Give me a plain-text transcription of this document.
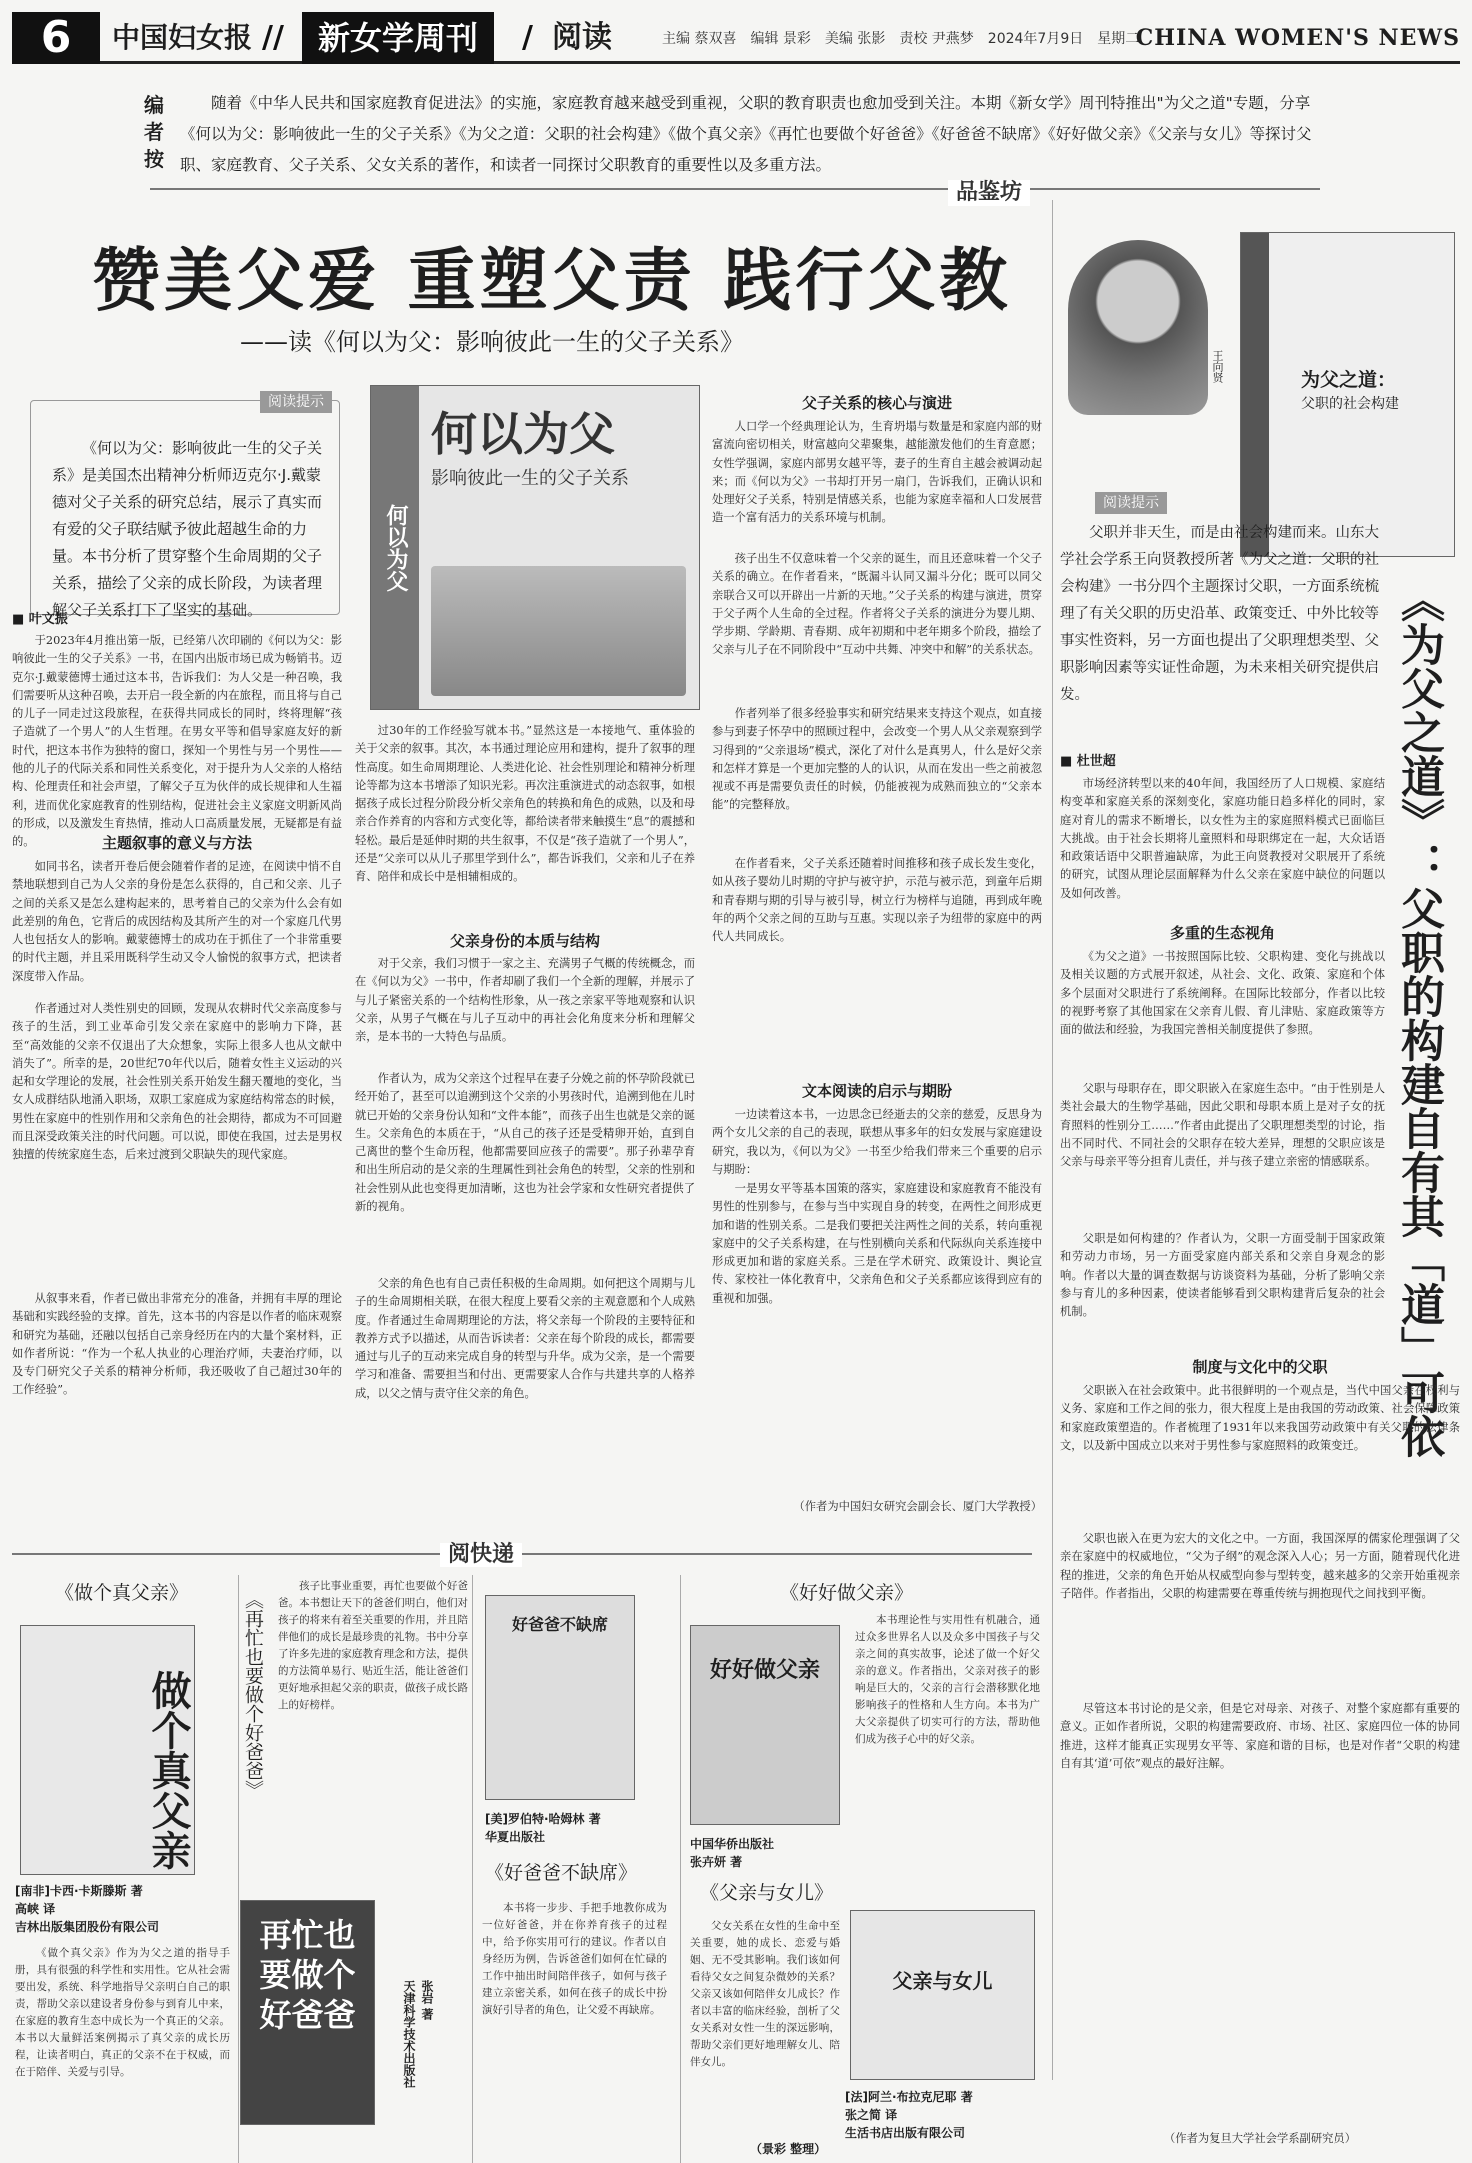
6	中国妇女报 //	新女学周刊	/ 阅读	主编 蔡双喜　编辑 景彩　美编 张影　责校 尹燕梦　2024年7月9日　星期二
CHINA WOMEN'S NEWS
编者按
随着《中华人民共和国家庭教育促进法》的实施，家庭教育越来越受到重视，父职的教育职责也愈加受到关注。本期《新女学》周刊特推出"为父之道"专题，分享《何以为父：影响彼此一生的父子关系》《为父之道：父职的社会构建》《做个真父亲》《再忙也要做个好爸爸》《好爸爸不缺席》《好好做父亲》《父亲与女儿》等探讨父职、家庭教育、父子关系、父女关系的著作，和读者一同探讨父职教育的重要性以及多重方法。
品鉴坊
赞美父爱 重塑父责 践行父教
——读《何以为父：影响彼此一生的父子关系》
阅读提示
《何以为父：影响彼此一生的父子关系》是美国杰出精神分析师迈克尔·J.戴蒙德对父子关系的研究总结，展示了真实而有爱的父子联结赋予彼此超越生命的力量。本书分析了贯穿整个生命周期的父子关系，描绘了父亲的成长阶段，为读者理解父子关系打下了坚实的基础。
何以为父
何以为父
影响彼此一生的父子关系
■ 叶文振
于2023年4月推出第一版，已经第八次印刷的《何以为父：影响彼此一生的父子关系》一书，在国内出版市场已成为畅销书。迈克尔·J.戴蒙德博士通过这本书，告诉我们：为人父是一种召唤，我们需要听从这种召唤，去开启一段全新的内在旅程，而且将与自己的儿子一同走过这段旅程，在获得共同成长的同时，终将理解“孩子造就了一个男人”的人生哲理。在男女平等和倡导家庭友好的新时代，把这本书作为独特的窗口，探知一个男性与另一个男性——他的儿子的代际关系和同性关系变化，对于提升为人父亲的人格结构、伦理责任和社会声望，了解父子互为伙伴的成长规律和人生福利，进而优化家庭教育的性别结构，促进社会主义家庭文明新风尚的形成，以及激发生育热情，推动人口高质量发展，无疑都是有益的。	主题叙事的意义与方法
如同书名，读者开卷后便会随着作者的足迹，在阅读中悄不自禁地联想到自己为人父亲的身份是怎么获得的，自己和父亲、儿子之间的关系又是怎么建构起来的，思考着自己的父亲为什么会有如此差别的角色，它背后的成因结构及其所产生的对一个家庭几代男人也包括女人的影响。戴蒙德博士的成功在于抓住了一个非常重要的时代主题，并且采用既科学生动又令人愉悦的叙事方式，把读者深度带入作品。
作者通过对人类性别史的回顾，发现从农耕时代父亲高度参与孩子的生活，到工业革命引发父亲在家庭中的影响力下降，甚至“高效能的父亲不仅退出了大众想象，实际上很多人也从文献中消失了”。所幸的是，20世纪70年代以后，随着女性主义运动的兴起和女学理论的发展，社会性别关系开始发生翻天覆地的变化，当女人成群结队地涌入职场，双职工家庭成为家庭结构常态的时候，男性在家庭中的性别作用和父亲角色的社会期待，都成为不可回避而且深受政策关注的时代问题。可以说，即使在我国，过去是男权独擅的传统家庭生态，后来过渡到父职缺失的现代家庭。
从叙事来看，作者已做出非常充分的准备，并拥有丰厚的理论基础和实践经验的支撑。首先，这本书的内容是以作者的临床观察和研究为基础，还融以包括自己亲身经历在内的大量个案材料，正如作者所说：“作为一个私人执业的心理治疗师，夫妻治疗师，以及专门研究父子关系的精神分析师，我还吸收了自己超过30年的工作经验”。
过30年的工作经验写就本书。”显然这是一本接地气、重体验的关于父亲的叙事。其次，本书通过理论应用和建构，提升了叙事的理性高度。如生命周期理论、人类进化论、社会性别理论和精神分析理论等都为这本书增添了知识光彩。再次注重演进式的动态叙事，如根据孩子成长过程分阶段分析父亲角色的转换和角色的成熟，以及和母亲合作养育的内容和方式变化等，都给读者带来触摸生“息”的震撼和轻松。最后是延伸时期的共生叙事，不仅是“孩子造就了一个男人”，还是“父亲可以从儿子那里学到什么”，都告诉我们，父亲和儿子在养育、陪伴和成长中是相辅相成的。
父亲身份的本质与结构
对于父亲，我们习惯于一家之主、充满男子气概的传统概念，而在《何以为父》一书中，作者却刷了我们一个全新的理解，并展示了与儿子紧密关系的一个结构性形象，从一孩之亲家平等地观察和认识父亲，从男子气概在与儿子互动中的再社会化角度来分析和理解父亲，是本书的一大特色与品质。
作者认为，成为父亲这个过程早在妻子分娩之前的怀孕阶段就已经开始了，甚至可以追溯到这个父亲的小男孩时代，追溯到他在儿时就已开始的父亲身份认知和“文件本能”，而孩子出生也就是父亲的诞生。父亲角色的本质在于，“从自己的孩子还是受精卵开始，直到自己离世的整个生命历程，他都需要回应孩子的需要”。那子孙辈孕育和出生所启动的是父亲的生理属性到社会角色的转型，父亲的性别和社会性别从此也变得更加清晰，这也为社会学家和女性研究者提供了新的视角。
父亲的角色也有自己责任积极的生命周期。如何把这个周期与儿子的生命周期相关联，在很大程度上要看父亲的主观意愿和个人成熟度。作者通过生命周期理论的方法，将父亲每一个阶段的主要特征和教养方式予以描述，从而告诉读者：父亲在每个阶段的成长，都需要通过与儿子的互动来完成自身的转型与升华。成为父亲，是一个需要学习和准备、需要担当和付出、更需要家人合作与共建共享的人格养成，以父之情与责守住父亲的角色。
父子关系的核心与演进
人口学一个经典理论认为，生育坍塌与数量是和家庭内部的财富流向密切相关，财富越向父辈聚集，越能激发他们的生育意愿；女性学强调，家庭内部男女越平等，妻子的生育自主越会被调动起来；而《何以为父》一书却打开另一扇门，告诉我们，正确认识和处理好父子关系，特别是情感关系，也能为家庭幸福和人口发展营造一个富有活力的关系环境与机制。
孩子出生不仅意味着一个父亲的诞生，而且还意味着一个父子关系的确立。在作者看来，“既漏斗认同又漏斗分化；既可以同父亲联合又可以开辟出一片新的天地。”父子关系的构建与演进，贯穿于父子两个人生命的全过程。作者将父子关系的演进分为婴儿期、学步期、学龄期、青春期、成年初期和中老年期多个阶段，描绘了父亲与儿子在不同阶段中“互动中共舞、冲突中和解”的关系状态。
作者列举了很多经验事实和研究结果来支持这个观点，如直接参与到妻子怀孕中的照顾过程中，会改变一个男人从父亲观察到学习得到的“父亲退场”模式，深化了对什么是真男人，什么是好父亲和怎样才算是一个更加完整的人的认识，从而在发出一些之前被忽视或不再是需要负责任的时候，仍能被视为成熟而独立的“父亲本能”的完整释放。
在作者看来，父子关系还随着时间推移和孩子成长发生变化，如从孩子婴幼儿时期的守护与被守护，示范与被示范，到童年后期和青春期与期的引导与被引导，树立行为榜样与追随，再到成年晚年的两个父亲之间的互助与互惠。实现以亲子为纽带的家庭中的两代人共同成长。
文本阅读的启示与期盼
一边读着这本书，一边思念已经逝去的父亲的慈爱，反思身为两个女儿父亲的自己的表现，联想从事多年的妇女发展与家庭建设研究，我以为，《何以为父》一书至少给我们带来三个重要的启示与期盼：
一是男女平等基本国策的落实，家庭建设和家庭教育不能没有男性的性别参与，在参与当中实现自身的转变，在两性之间形成更加和谐的性别关系。二是我们要把关注两性之间的关系，转向重视家庭中的父子关系构建，在与性别横向关系和代际纵向关系连接中形成更加和谐的家庭关系。三是在学术研究、政策设计、舆论宣传、家校社一体化教育中，父亲角色和父子关系都应该得到应有的重视和加强。
（作者为中国妇女研究会副会长、厦门大学教授）
王向贤	为父之道：
父职的社会构建
阅读提示
父职并非天生，而是由社会构建而来。山东大学社会学系王向贤教授所著《为父之道：父职的社会构建》一书分四个主题探讨父职，一方面系统梳理了有关父职的历史沿革、政策变迁、中外比较等事实性资料，另一方面也提出了父职理想类型、父职影响因素等实证性命题，为未来相关研究提供启发。	《为父之道》：父职的构建自有其「道」可依
■ 杜世超
市场经济转型以来的40年间，我国经历了人口规模、家庭结构变革和家庭关系的深刻变化，家庭功能日趋多样化的同时，家庭对育儿的需求不断增长，以女性为主的家庭照料模式已面临巨大挑战。由于社会长期将儿童照料和母职绑定在一起，大众话语和政策话语中父职普遍缺席，为此王向贤教授对父职展开了系统的研究，试图从理论层面解释为什么父亲在家庭中缺位的问题以及如何改善。
多重的生态视角
《为父之道》一书按照国际比较、父职构建、变化与挑战以及相关议题的方式展开叙述，从社会、文化、政策、家庭和个体多个层面对父职进行了系统阐释。在国际比较部分，作者以比较的视野考察了其他国家在父亲育儿假、育儿津贴、家庭政策等方面的做法和经验，为我国完善相关制度提供了参照。
父职与母职存在，即父职嵌入在家庭生态中。“由于性别是人类社会最大的生物学基础，因此父职和母职本质上是对子女的抚育照料的性别分工……”作者由此提出了父职理想类型的讨论，指出不同时代、不同社会的父职存在较大差异，理想的父职应该是父亲与母亲平等分担育儿责任，并与孩子建立亲密的情感联系。
父职是如何构建的？作者认为，父职一方面受制于国家政策和劳动力市场，另一方面受家庭内部关系和父亲自身观念的影响。作者以大量的调查数据与访谈资料为基础，分析了影响父亲参与育儿的多种因素，使读者能够看到父职构建背后复杂的社会机制。
制度与文化中的父职
父职嵌入在社会政策中。此书很鲜明的一个观点是，当代中国父亲在权利与义务、家庭和工作之间的张力，很大程度上是由我国的劳动政策、社会保障政策和家庭政策塑造的。作者梳理了1931年以来我国劳动政策中有关父职的法律条文，以及新中国成立以来对于男性参与家庭照料的政策变迁。
父职也嵌入在更为宏大的文化之中。一方面，我国深厚的儒家伦理强调了父亲在家庭中的权威地位，“父为子纲”的观念深入人心；另一方面，随着现代化进程的推进，父亲的角色开始从权威型向参与型转变，越来越多的父亲开始重视亲子陪伴。作者指出，父职的构建需要在尊重传统与拥抱现代之间找到平衡。
尽管这本书讨论的是父亲，但是它对母亲、对孩子、对整个家庭都有重要的意义。正如作者所说，父职的构建需要政府、市场、社区、家庭四位一体的协同推进，这样才能真正实现男女平等、家庭和谐的目标，也是对作者“父职的构建自有其‘道’可依”观点的最好注解。
（作者为复旦大学社会学系副研究员）
阅快递
《做个真父亲》
做个真父亲
[南非]卡西·卡斯滕斯 著
高峡 译
吉林出版集团股份有限公司
《做个真父亲》作为为父之道的指导手册，具有很强的科学性和实用性。它从社会需要出发，系统、科学地指导父亲明白自己的职责，帮助父亲以建设者身份参与到育儿中来，在家庭的教育生态中成长为一个真正的父亲。本书以大量鲜活案例揭示了真父亲的成长历程，让读者明白，真正的父亲不在于权威，而在于陪伴、关爱与引导。
《再忙也要做个好爸爸》
孩子比事业重要，再忙也要做个好爸爸。本书想让天下的爸爸们明白，他们对孩子的将来有着至关重要的作用，并且陪伴他们的成长是最珍贵的礼物。书中分享了许多先进的家庭教育理念和方法，提供的方法简单易行、贴近生活，能让爸爸们更好地承担起父亲的职责，做孩子成长路上的好榜样。
再忙也要做个好爸爸
张岩 著
天津科学技术出版社
好爸爸不缺席
[美]罗伯特·哈姆林 著
华夏出版社
《好爸爸不缺席》
本书将一步步、手把手地教你成为一位好爸爸，并在你养育孩子的过程中，给予你实用可行的建议。作者以自身经历为例，告诉爸爸们如何在忙碌的工作中抽出时间陪伴孩子，如何与孩子建立亲密关系，如何在孩子的成长中扮演好引导者的角色，让父爱不再缺席。
《好好做父亲》
好好做父亲
本书理论性与实用性有机融合，通过众多世界名人以及众多中国孩子与父亲之间的真实故事，论述了做一个好父亲的意义。作者指出，父亲对孩子的影响是巨大的，父亲的言行会潜移默化地影响孩子的性格和人生方向。本书为广大父亲提供了切实可行的方法，帮助他们成为孩子心中的好父亲。
中国华侨出版社
张卉妍 著
《父亲与女儿》
父女关系在女性的生命中至关重要，她的成长、恋爱与婚姻、无不受其影响。我们该如何看待父女之间复杂微妙的关系？父亲又该如何陪伴女儿成长？作者以丰富的临床经验，剖析了父女关系对女性一生的深远影响，帮助父亲们更好地理解女儿、陪伴女儿。
父亲与女儿
[法]阿兰·布拉克尼耶 著
张之简 译
生活书店出版有限公司
（景彩 整理）
